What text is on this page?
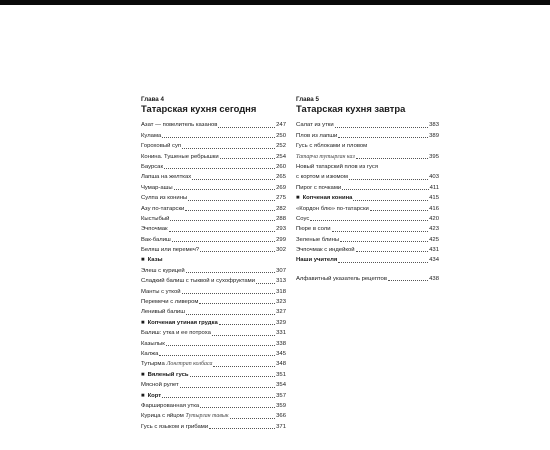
Глава 4
Татарская кухня сегодня
Азат — повелитель казанов	247
Кулама	250
Гороховый суп	252
Конина. Тушеные ребрышки	254
Баурсак	260
Лапша на желтках	265
Чумар-ашы	269
Сулпа из конины	275
Азу по-татарски	282
Кыстыбый	288
Эчпочмак	293
Вак-балиш	299
Беляш или перемеч?	302
■ Казы
Элеш с курицей	307
Сладкий балиш с тыквой и сухофруктами	313
Манты с уткой	318
Перемечи с ливером	323
Ленивый балиш	327
■ Копченая утиная грудка	329
Балиш: утка и ее потроха	331
Казылык	338
Калжа	345
Тутырма Лонгтрап колбаса	348
■ Вяленый гусь	351
Мясной рулет	354
■ Корт	357
Фаршированная утка	359
Курица с яйцом Тутырган тавык	366
Гусь с языком и грибами	371
Глава 5
Татарская кухня завтра
Салат из утки	383
Плов из лапши	389
Гусь с яблоками и пловом
Татарча тутырган каз	395
Новый татарский плов из гуся
с кортом и изюмом	403
Пирог с почками	411
■ Копченая конина	415
«Кордон блю» по-татарски	416
Соус	420
Пюре в соли	423
Зеленые блины	425
Эчпочмак с индейкой	431
Наши учителя	434
Алфавитный указатель рецептов	438
